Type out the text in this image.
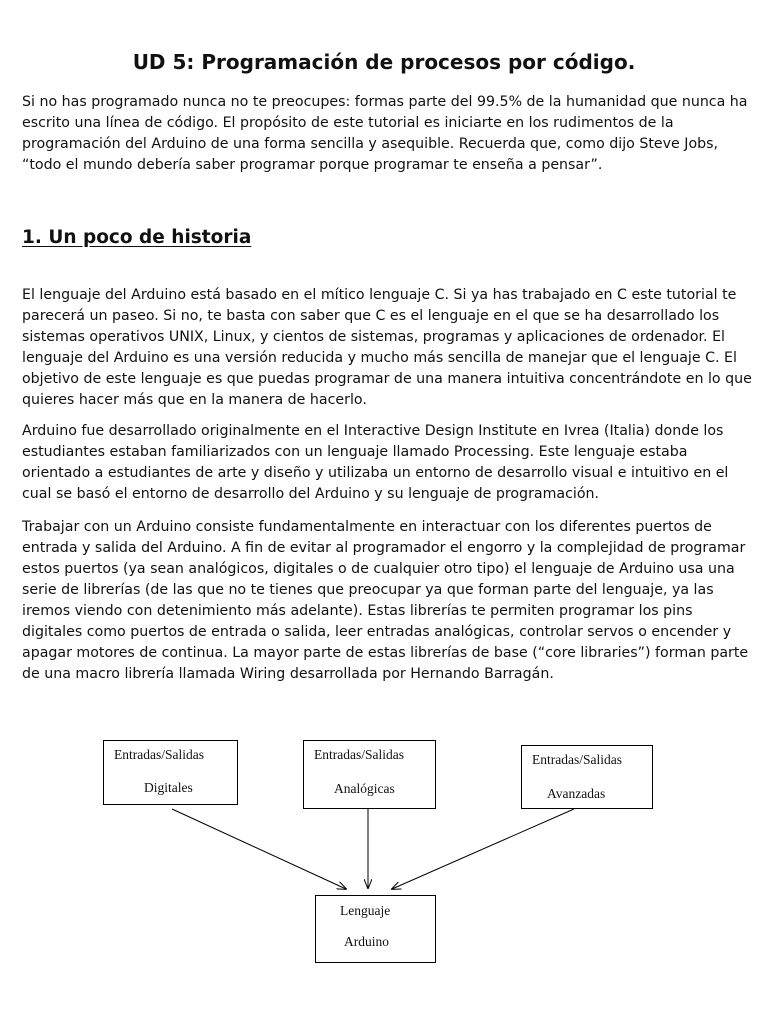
UD 5: Programación de procesos por código.

Si no has programado nunca no te preocupes: formas parte del 99.5% de la humanidad que nunca ha escrito una línea de código. El propósito de este tutorial es iniciarte en los rudimentos de la programación del Arduino de una forma sencilla y asequible. Recuerda que, como dijo Steve Jobs, “todo el mundo debería saber programar porque programar te enseña a pensar”.

1. Un poco de historia

El lenguaje del Arduino está basado en el mítico lenguaje C. Si ya has trabajado en C este tutorial te parecerá un paseo. Si no, te basta con saber que C es el lenguaje en el que se ha desarrollado los sistemas operativos UNIX, Linux, y cientos de sistemas, programas y aplicaciones de ordenador. El lenguaje del Arduino es una versión reducida y mucho más sencilla de manejar que el lenguaje C. El objetivo de este lenguaje es que puedas programar de una manera intuitiva concentrándote en lo que quieres hacer más que en la manera de hacerlo.

Arduino fue desarrollado originalmente en el Interactive Design Institute en Ivrea (Italia) donde los estudiantes estaban familiarizados con un lenguaje llamado Processing. Este lenguaje estaba orientado a estudiantes de arte y diseño y utilizaba un entorno de desarrollo visual e intuitivo en el cual se basó el entorno de desarrollo del Arduino y su lenguaje de programación.

Trabajar con un Arduino consiste fundamentalmente en interactuar con los diferentes puertos de entrada y salida del Arduino. A fin de evitar al programador el engorro y la complejidad de programar estos puertos (ya sean analógicos, digitales o de cualquier otro tipo) el lenguaje de Arduino usa una serie de librerías (de las que no te tienes que preocupar ya que forman parte del lenguaje, ya las iremos viendo con detenimiento más adelante). Estas librerías te permiten programar los pins digitales como puertos de entrada o salida, leer entradas analógicas, controlar servos o encender y apagar motores de continua. La mayor parte de estas librerías de base (“core libraries”) forman parte de una macro librería llamada Wiring desarrollada por Hernando Barragán.

Entradas/Salidas
Digitales
Entradas/Salidas
Analógicas
Entradas/Salidas
Avanzadas
Lenguaje
Arduino
